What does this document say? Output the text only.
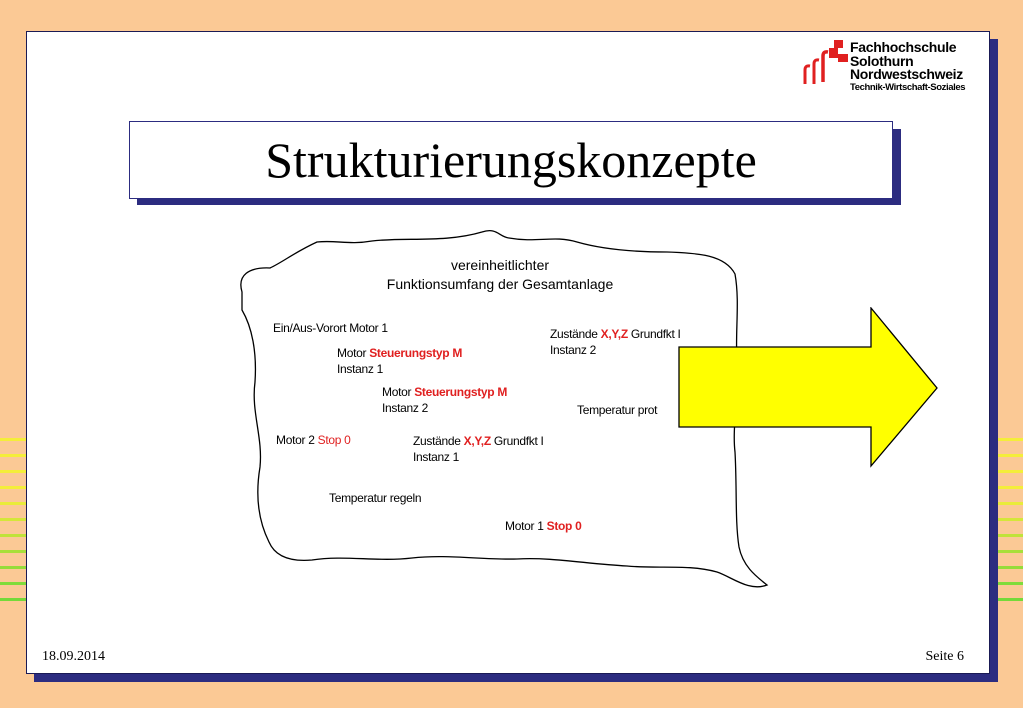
Fachhochschule
Solothurn
Nordwestschweiz
Technik-Wirtschaft-Soziales
Strukturierungskonzepte
vereinheitlichter
Funktionsumfang der Gesamtanlage
Ein/Aus-Vorort Motor 1
Motor Steuerungstyp M
Instanz 1
Motor Steuerungstyp M
Instanz 2
Zustände X,Y,Z Grundfkt I
Instanz 2
Temperatur prot
Motor 2 Stop 0	Zustände X,Y,Z Grundfkt I
Instanz 1
Temperatur regeln
Motor 1 Stop 0
18.09.2014	Seite 6
